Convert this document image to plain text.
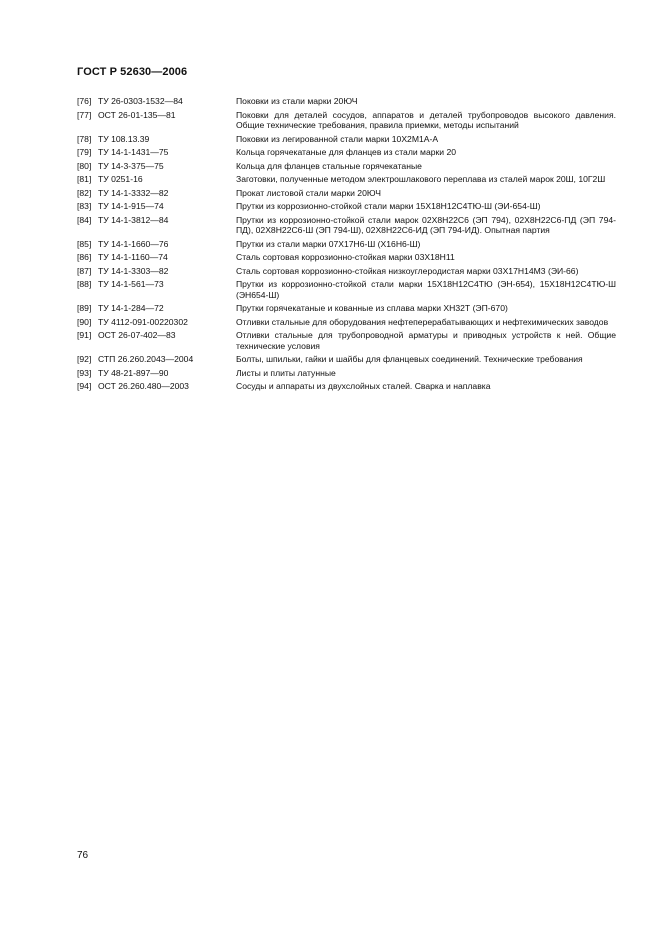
ГОСТ Р 52630—2006
[76] ТУ 26-0303-1532—84	Поковки из стали марки 20ЮЧ
[77] ОСТ 26-01-135—81	Поковки для деталей сосудов, аппаратов и деталей трубопроводов высокого давления. Общие технические требования, правила приемки, методы испытаний
[78] ТУ 108.13.39	Поковки из легированной стали марки 10Х2М1А-А
[79] ТУ 14-1-1431—75	Кольца горячекатаные для фланцев из стали марки 20
[80] ТУ 14-3-375—75	Кольца для фланцев стальные горячекатаные
[81] ТУ 0251-16	Заготовки, полученные методом электрошлакового переплава из сталей марок 20Ш, 10Г2Ш
[82] ТУ 14-1-3332—82	Прокат листовой стали марки 20ЮЧ
[83] ТУ 14-1-915—74	Прутки из коррозионно-стойкой стали марки 15Х18Н12С4ТЮ-Ш (ЭИ-654-Ш)
[84] ТУ 14-1-3812—84	Прутки из коррозионно-стойкой стали марок 02Х8Н22С6 (ЭП 794), 02Х8Н22С6-ПД (ЭП 794-ПД), 02Х8Н22С6-Ш (ЭП 794-Ш), 02Х8Н22С6-ИД (ЭП 794-ИД). Опытная партия
[85] ТУ 14-1-1660—76	Прутки из стали марки 07Х17Н6-Ш (Х16Н6-Ш)
[86] ТУ 14-1-1160—74	Сталь сортовая коррозионно-стойкая марки 03Х18Н11
[87] ТУ 14-1-3303—82	Сталь сортовая коррозионно-стойкая низкоуглеродистая марки 03Х17Н14М3 (ЭИ-66)
[88] ТУ 14-1-561—73	Прутки из коррозионно-стойкой стали марки 15Х18Н12С4ТЮ (ЭН-654), 15Х18Н12С4ТЮ-Ш (ЭН654-Ш)
[89] ТУ 14-1-284—72	Прутки горячекатаные и кованные из сплава марки ХН32Т (ЭП-670)
[90] ТУ 4112-091-00220302	Отливки стальные для оборудования нефтеперерабатывающих и нефтехимических заводов
[91] ОСТ 26-07-402—83	Отливки стальные для трубопроводной арматуры и приводных устройств к ней. Общие технические условия
[92] СТП 26.260.2043—2004	Болты, шпильки, гайки и шайбы для фланцевых соединений. Технические требования
[93] ТУ 48-21-897—90	Листы и плиты латунные
[94] ОСТ 26.260.480—2003	Сосуды и аппараты из двухслойных сталей. Сварка и наплавка
76
